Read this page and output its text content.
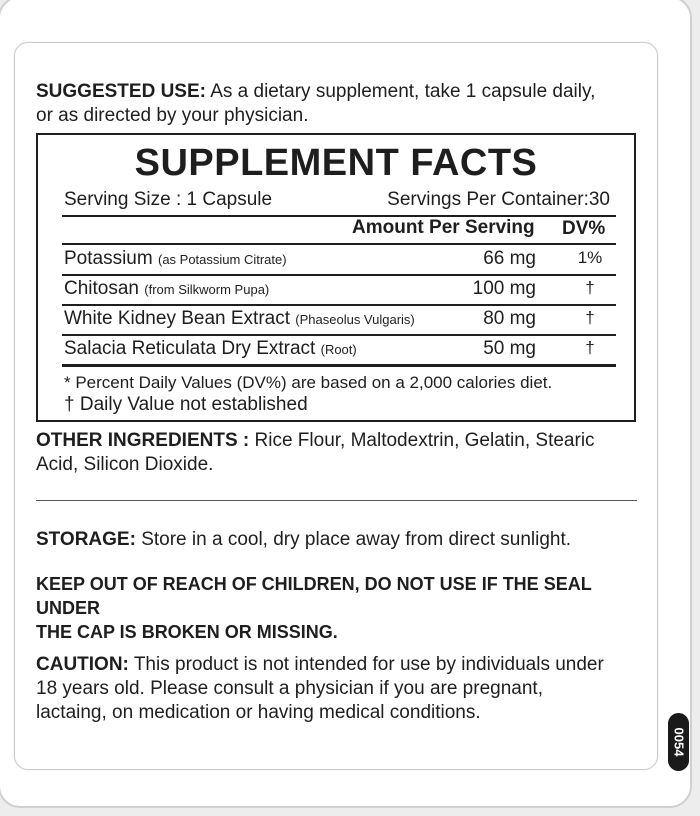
SUGGESTED USE: As a dietary supplement, take 1 capsule daily,
or as directed by your physician.
SUPPLEMENT FACTS
Serving Size : 1 Capsule	Servings Per Container:30
Amount Per Serving DV%
Potassium (as Potassium Citrate)	66 mg	1%
Chitosan (from Silkworm Pupa)	100 mg	†
White Kidney Bean Extract (Phaseolus Vulgaris)	80 mg	†
Salacia Reticulata Dry Extract (Root)	50 mg	†
* Percent Daily Values (DV%) are based on a 2,000 calories diet.
† Daily Value not established
OTHER INGREDIENTS : Rice Flour, Maltodextrin, Gelatin, Stearic
Acid, Silicon Dioxide.
STORAGE: Store in a cool, dry place away from direct sunlight.
KEEP OUT OF REACH OF CHILDREN, DO NOT USE IF THE SEAL UNDER
THE CAP IS BROKEN OR MISSING.
CAUTION: This product is not intended for use by individuals under
18 years old. Please consult a physician if you are pregnant,
lactaing, on medication or having medical conditions.
0054
